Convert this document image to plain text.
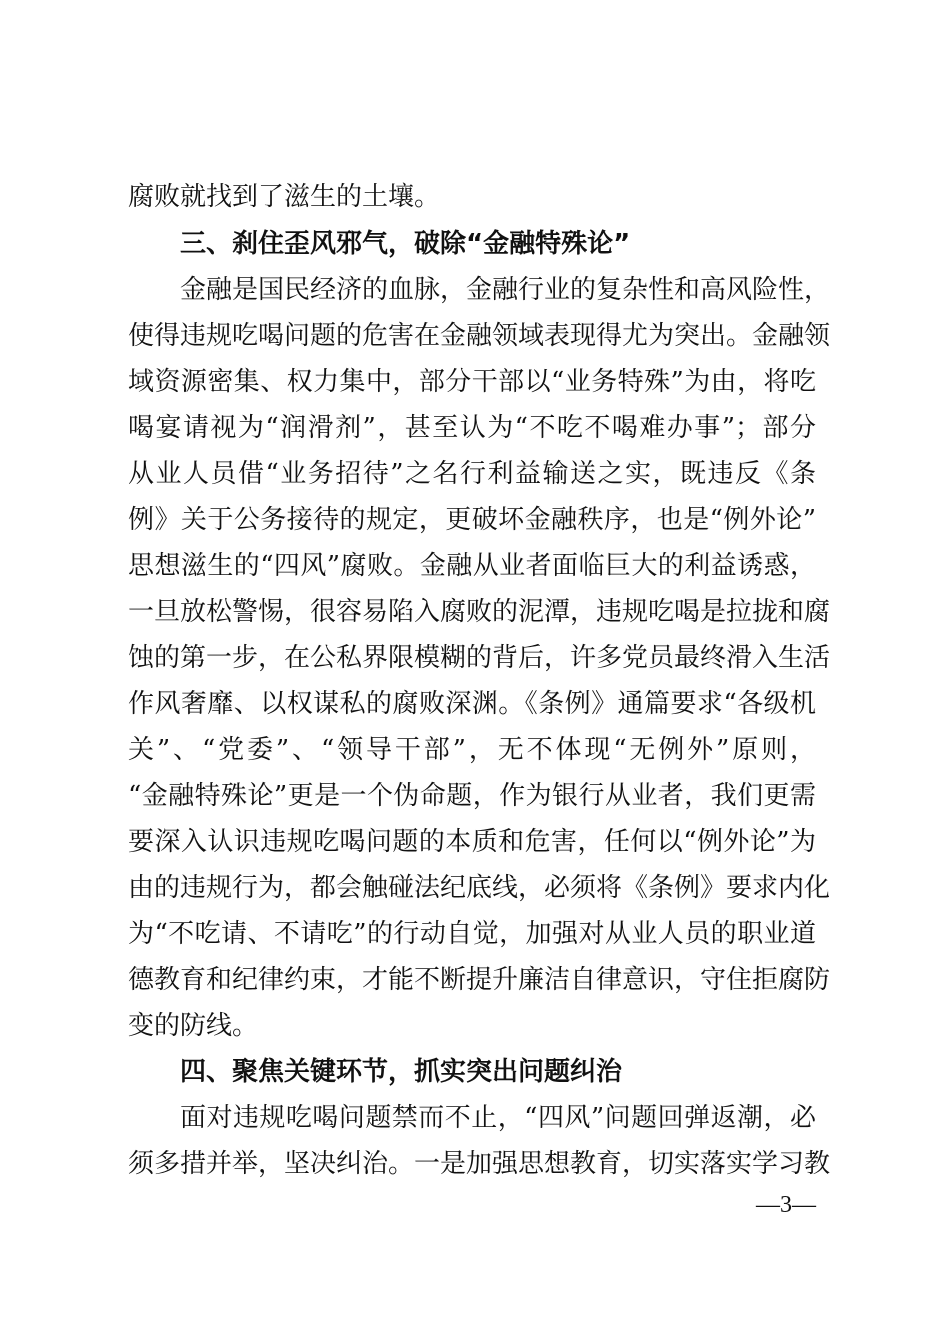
腐败就找到了滋生的土壤。
三、刹住歪风邪气，破除“金融特殊论”
金融是国民经济的血脉，金融行业的复杂性和高风险性，
使得违规吃喝问题的危害在金融领域表现得尤为突出。金融领
域资源密集、权力集中，部分干部以“业务特殊”为由，将吃
喝宴请视为“润滑剂”，甚至认为“不吃不喝难办事”；部分
从业人员借“业务招待”之名行利益输送之实，既违反《条
例》关于公务接待的规定，更破坏金融秩序，也是“例外论”
思想滋生的“四风”腐败。金融从业者面临巨大的利益诱惑，
一旦放松警惕，很容易陷入腐败的泥潭，违规吃喝是拉拢和腐
蚀的第一步，在公私界限模糊的背后，许多党员最终滑入生活
作风奢靡、以权谋私的腐败深渊。《条例》通篇要求“各级机
关”、“党委”、“领导干部”，无不体现“无例外”原则，
“金融特殊论”更是一个伪命题，作为银行从业者，我们更需
要深入认识违规吃喝问题的本质和危害，任何以“例外论”为
由的违规行为，都会触碰法纪底线，必须将《条例》要求内化
为“不吃请、不请吃”的行动自觉，加强对从业人员的职业道
德教育和纪律约束，才能不断提升廉洁自律意识，守住拒腐防
变的防线。
四、聚焦关键环节，抓实突出问题纠治
面对违规吃喝问题禁而不止，“四风”问题回弹返潮，必
须多措并举，坚决纠治。一是加强思想教育，切实落实学习教
—3—
